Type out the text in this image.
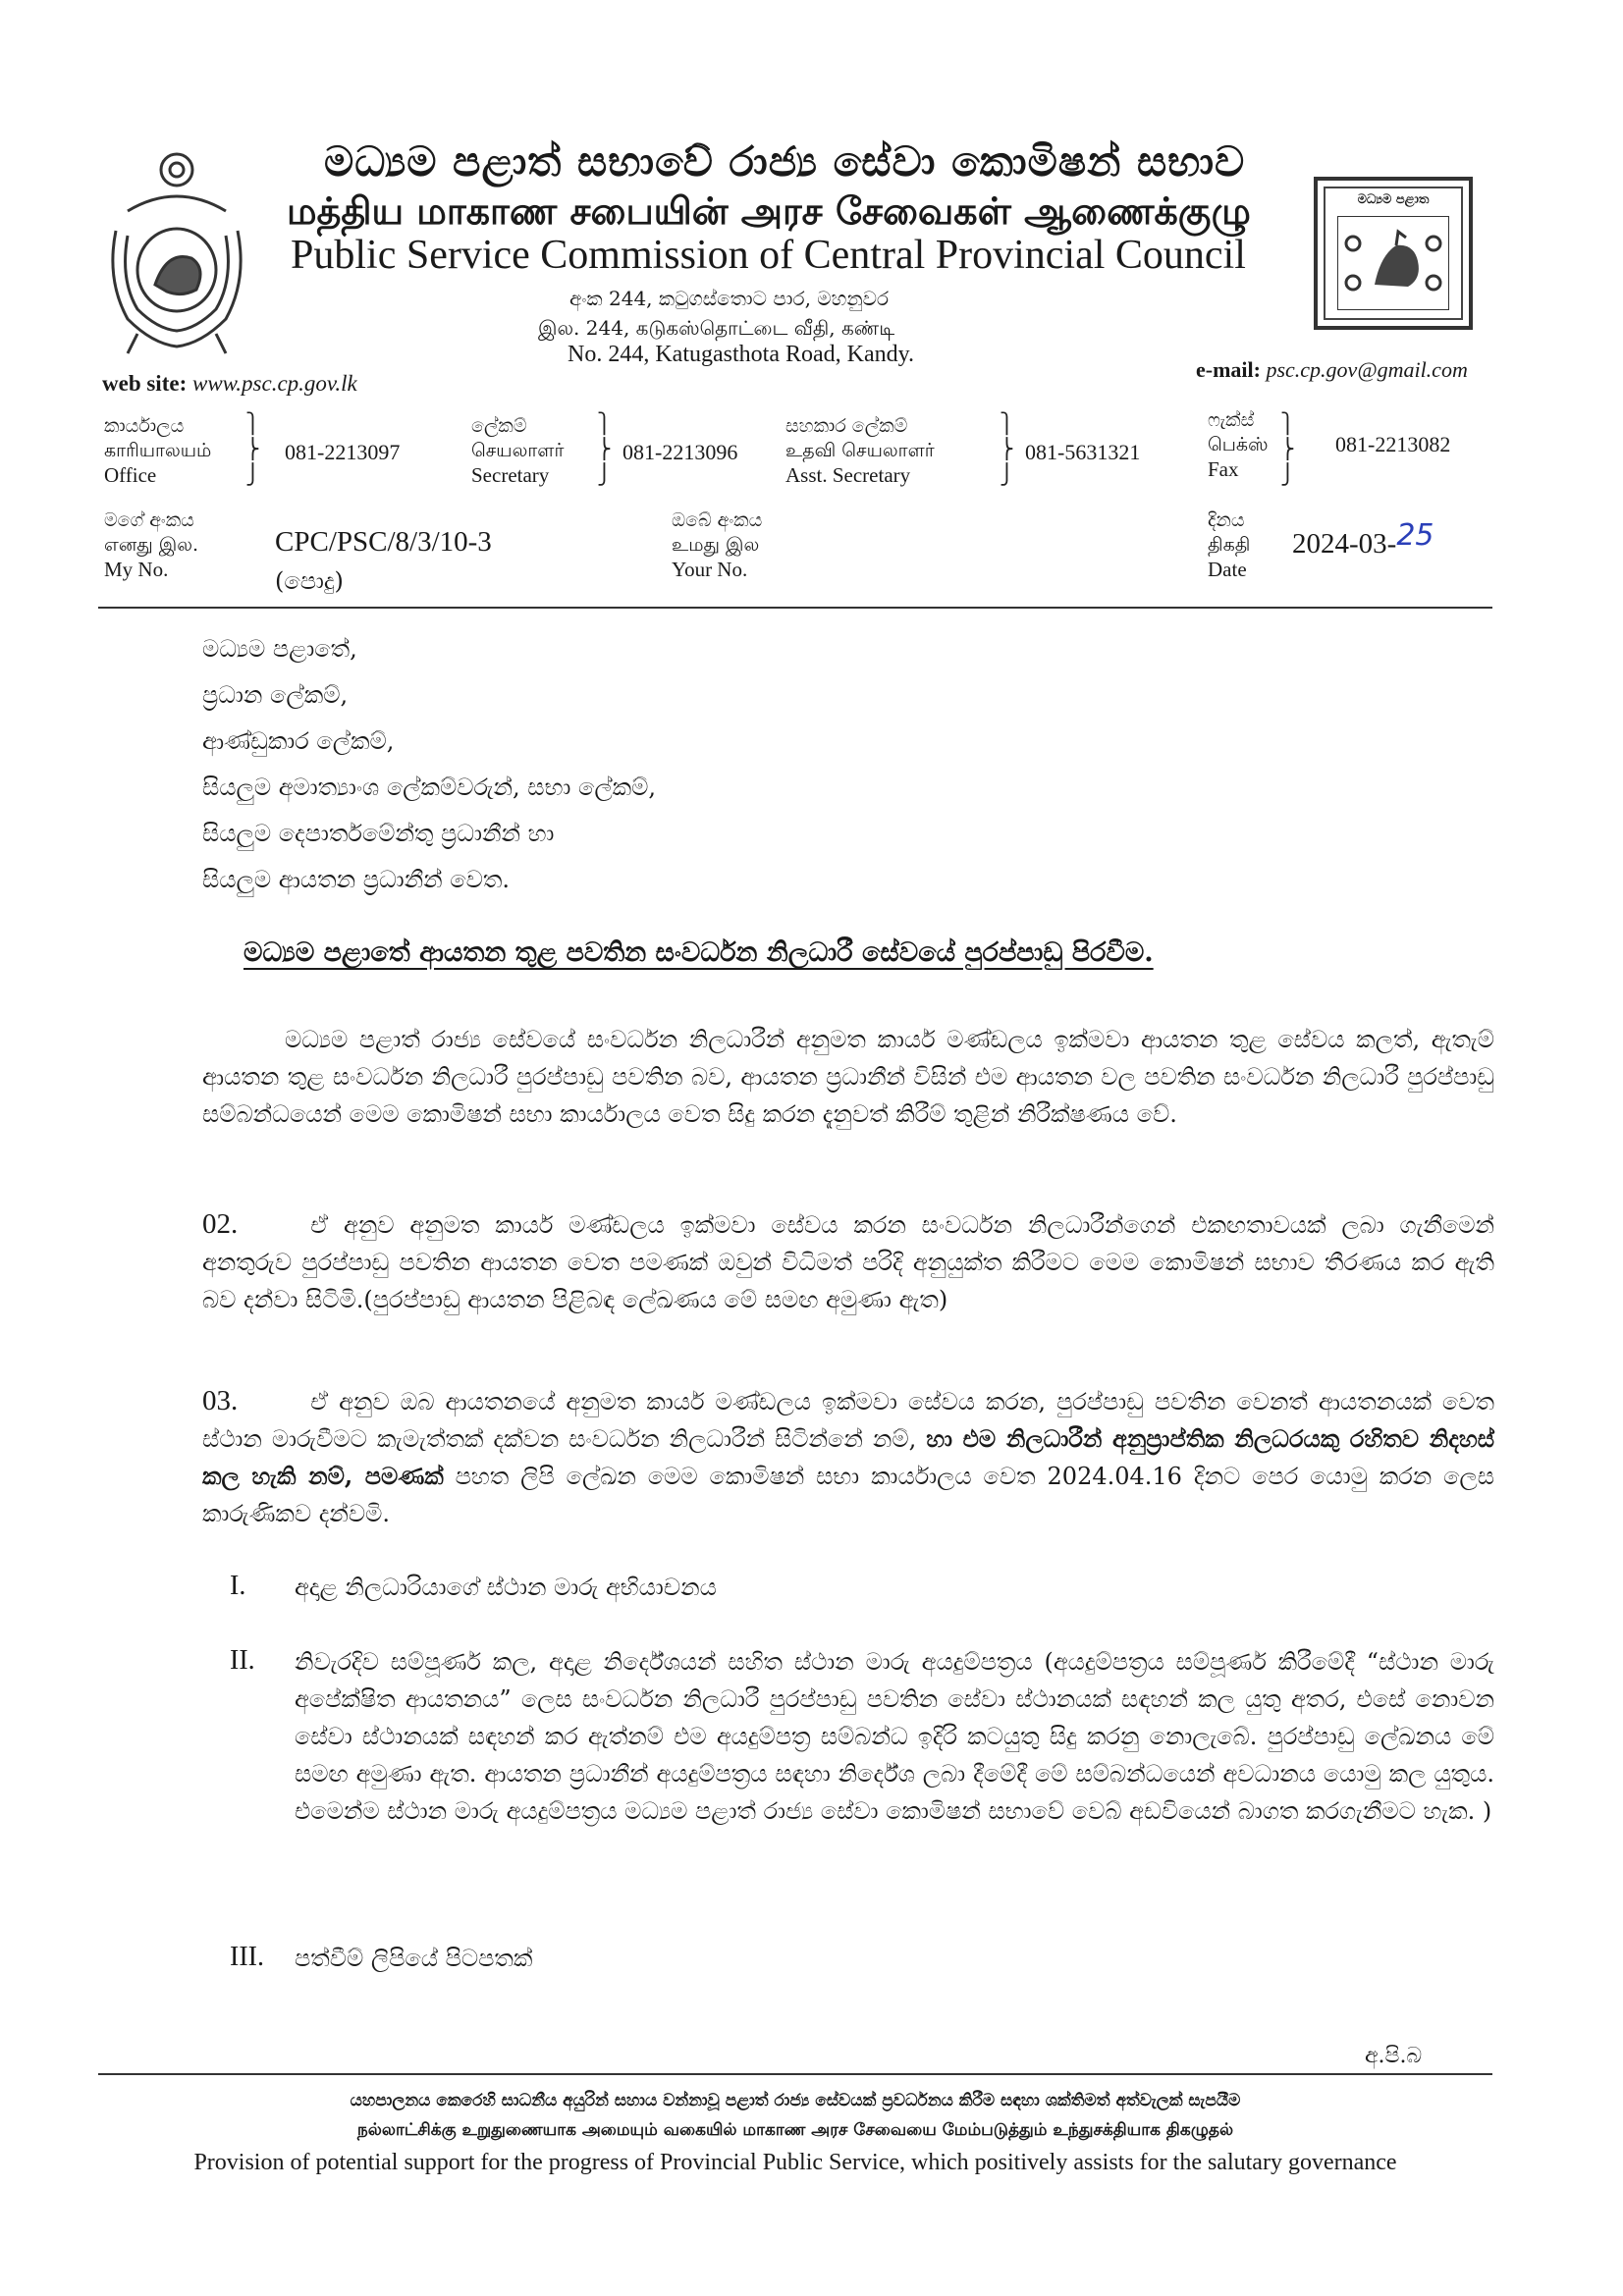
මධ්‍යම පළාත
මධ්‍යම පළාත් සභාවේ රාජ්‍ය සේවා කොමිෂන් සභාව
மத்திய மாகாண சபையின் அரச சேவைகள் ஆணைக்குழு
Public Service Commission of Central Provincial Council
අංක 244, කටුගස්තොට පාර, මහනුවර
இல. 244, கடுகஸ்தொட்டை வீதி, கண்டி
No. 244, Katugasthota Road, Kandy.
web site: www.psc.cp.gov.lk
e-mail: psc.cp.gov@gmail.com
කාර්යාලය
காரியாலயம்
Office
⎫
⎬
⎭
081-2213097
ලේකම්
செயலாளர்
Secretary
⎫
⎬
⎭
081-2213096
සහකාර ලේකම්
உதவி செயலாளர்
Asst. Secretary
⎫
⎬
⎭
081-5631321
ෆැක්ස්
பெக்ஸ்
Fax
⎫
⎬
⎭
081-2213082
මගේ අංකය
எனது இல.
My No.
CPC/PSC/8/3/10-3
(පොදු)
ඔබේ අංකය
உமது இல
Your No.
දිනය
திகதி
Date
2024-03-25
මධ්‍යම පළාතේ,
ප්‍රධාන ලේකම්,
ආණ්ඩුකාර ලේකම්,
සියලුම අමාත්‍යාංශ ලේකම්වරුන්, සභා ලේකම්,
සියලුම දෙපාර්තමේන්තු ප්‍රධානීන් හා
සියලුම ආයතන ප්‍රධානීන් වෙත.
මධ්‍යම පළාතේ ආයතන තුළ පවතින සංවර්ධන නිලධාරී සේවයේ පුරප්පාඩු පිරවීම.
මධ්‍යම පළාත් රාජ්‍ය සේවයේ සංවර්ධන නිලධාරීන් අනුමත කාර්ය මණ්ඩලය ඉක්මවා ආයතන තුළ සේවය කලත්, ඇතැම් ආයතන තුළ සංවර්ධන නිලධාරී පුරප්පාඩු පවතින බව, ආයතන ප්‍රධානීන් විසින් එම ආයතන වල පවතින සංවර්ධන නිලධාරී පුරප්පාඩු සම්බන්ධයෙන් මෙම කොමිෂන් සභා කාර්යාලය වෙත සිදු කරන දැනුවත් කිරීම් තුළින් නිරීක්ෂණය වේ.
02.	ඒ අනුව අනුමත කාර්ය මණ්ඩලය ඉක්මවා සේවය කරන සංවර්ධන නිලධාරීන්ගෙන් එකඟතාවයක් ලබා ගැනීමෙන් අනතුරුව පුරප්පාඩු පවතින ආයතන වෙත පමණක් ඔවුන් විධිමත් පරිදි අනුයුක්ත කිරීමට මෙම කොමිෂන් සභාව තීරණය කර ඇති බව දන්වා සිටිමි.(පුරප්පාඩු ආයතන පිළිබඳ ලේඛණය මේ සමඟ අමුණා ඇත)
03.	ඒ අනුව ඔබ ආයතනයේ අනුමත කාර්ය මණ්ඩලය ඉක්මවා සේවය කරන, පුරප්පාඩු පවතින වෙනත් ආයතනයක් වෙත ස්ථාන මාරුවීමට කැමැත්තක් දක්වන සංවර්ධන නිලධාරීන් සිටින්නේ නම්, හා එම නිලධාරීන් අනුප්‍රාප්තික නිලධරයකු රහිතව නිදහස් කල හැකි නම්, පමණක් පහත ලිපි ලේඛන මෙම කොමිෂන් සභා කාර්යාලය වෙත 2024.04.16 දිනට පෙර යොමු කරන ලෙස කාරුණිකව දන්වමි.
I. අදාළ නිලධාරියාගේ ස්ථාන මාරු අභියාචනය
II. නිවැරදිව සම්පූර්ණ කල, අදාළ නිර්දේශයන් සහිත ස්ථාන මාරු අයදුම්පත්‍රය (අයදුම්පත්‍රය සම්පූර්ණ කිරීමේදී “ස්ථාන මාරු අපේක්ෂිත ආයතනය” ලෙස සංවර්ධන නිලධාරී පුරප්පාඩු පවතින සේවා ස්ථානයක් සඳහන් කල යුතු අතර, එසේ නොවන සේවා ස්ථානයක් සඳහන් කර ඇත්නම් එම අයදුම්පත්‍ර සම්බන්ධ ඉදිරි කටයුතු සිදු කරනු නොලැබේ. පුරප්පාඩු ලේඛනය මේ සමඟ අමුණා ඇත. ආයතන ප්‍රධානීන් අයදුම්පත්‍රය සඳහා නිර්දේශ ලබා දීමේදී මේ සම්බන්ධයෙන් අවධානය යොමු කල යුතුය. එමෙන්ම ස්ථාන මාරු අයදුම්පත්‍රය මධ්‍යම පළාත් රාජ්‍ය සේවා කොමිෂන් සභාවේ වෙබ් අඩවියෙන් බාගත කරගැනීමට හැක. )
III. පත්වීම් ලිපියේ පිටපතක්
අ.පි.බ
යහපාලනය කෙරෙහි සාධනීය අයුරින් සහාය වන්නාවූ පළාත් රාජ්‍ය සේවයක් ප්‍රවර්ධනය කිරීම සඳහා ශක්තිමත් අත්වැලක් සැපයීම
நல்லாட்சிக்கு உறுதுணையாக அமையும் வகையில் மாகாண அரச சேவையை மேம்படுத்தும் உந்துசக்தியாக திகழுதல்
Provision of potential support for the progress of Provincial Public Service, which positively assists for the salutary governance
